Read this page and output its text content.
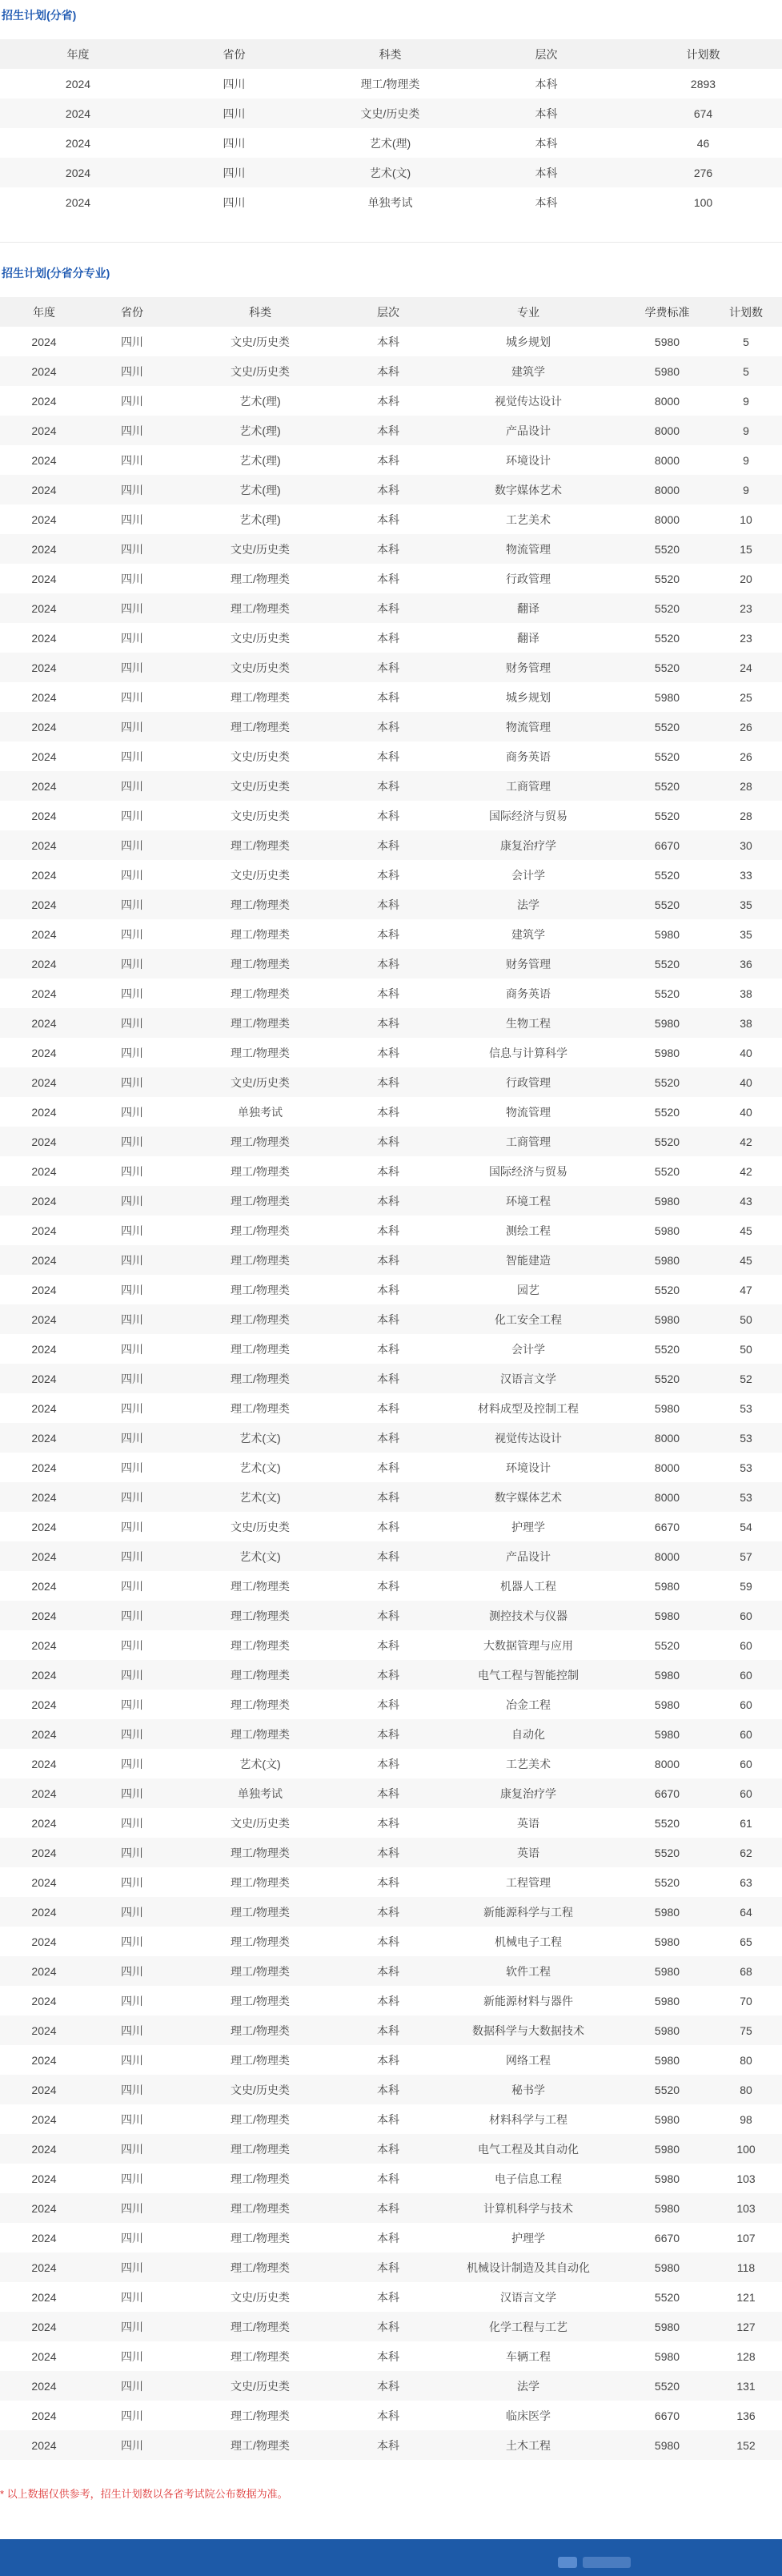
招生计划(分省)
年度	省份	科类	层次	计划数
2024	四川	理工/物理类	本科	2893
2024	四川	文史/历史类	本科	674
2024	四川	艺术(理)	本科	46
2024	四川	艺术(文)	本科	276
2024	四川	单独考试	本科	100
招生计划(分省分专业)
年度	省份	科类	层次	专业	学费标准	计划数
2024	四川	文史/历史类	本科	城乡规划	5980	5
2024	四川	文史/历史类	本科	建筑学	5980	5
2024	四川	艺术(理)	本科	视觉传达设计	8000	9
2024	四川	艺术(理)	本科	产品设计	8000	9
2024	四川	艺术(理)	本科	环境设计	8000	9
2024	四川	艺术(理)	本科	数字媒体艺术	8000	9
2024	四川	艺术(理)	本科	工艺美术	8000	10
2024	四川	文史/历史类	本科	物流管理	5520	15
2024	四川	理工/物理类	本科	行政管理	5520	20
2024	四川	理工/物理类	本科	翻译	5520	23
2024	四川	文史/历史类	本科	翻译	5520	23
2024	四川	文史/历史类	本科	财务管理	5520	24
2024	四川	理工/物理类	本科	城乡规划	5980	25
2024	四川	理工/物理类	本科	物流管理	5520	26
2024	四川	文史/历史类	本科	商务英语	5520	26
2024	四川	文史/历史类	本科	工商管理	5520	28
2024	四川	文史/历史类	本科	国际经济与贸易	5520	28
2024	四川	理工/物理类	本科	康复治疗学	6670	30
2024	四川	文史/历史类	本科	会计学	5520	33
2024	四川	理工/物理类	本科	法学	5520	35
2024	四川	理工/物理类	本科	建筑学	5980	35
2024	四川	理工/物理类	本科	财务管理	5520	36
2024	四川	理工/物理类	本科	商务英语	5520	38
2024	四川	理工/物理类	本科	生物工程	5980	38
2024	四川	理工/物理类	本科	信息与计算科学	5980	40
2024	四川	文史/历史类	本科	行政管理	5520	40
2024	四川	单独考试	本科	物流管理	5520	40
2024	四川	理工/物理类	本科	工商管理	5520	42
2024	四川	理工/物理类	本科	国际经济与贸易	5520	42
2024	四川	理工/物理类	本科	环境工程	5980	43
2024	四川	理工/物理类	本科	测绘工程	5980	45
2024	四川	理工/物理类	本科	智能建造	5980	45
2024	四川	理工/物理类	本科	园艺	5520	47
2024	四川	理工/物理类	本科	化工安全工程	5980	50
2024	四川	理工/物理类	本科	会计学	5520	50
2024	四川	理工/物理类	本科	汉语言文学	5520	52
2024	四川	理工/物理类	本科	材料成型及控制工程	5980	53
2024	四川	艺术(文)	本科	视觉传达设计	8000	53
2024	四川	艺术(文)	本科	环境设计	8000	53
2024	四川	艺术(文)	本科	数字媒体艺术	8000	53
2024	四川	文史/历史类	本科	护理学	6670	54
2024	四川	艺术(文)	本科	产品设计	8000	57
2024	四川	理工/物理类	本科	机器人工程	5980	59
2024	四川	理工/物理类	本科	测控技术与仪器	5980	60
2024	四川	理工/物理类	本科	大数据管理与应用	5520	60
2024	四川	理工/物理类	本科	电气工程与智能控制	5980	60
2024	四川	理工/物理类	本科	冶金工程	5980	60
2024	四川	理工/物理类	本科	自动化	5980	60
2024	四川	艺术(文)	本科	工艺美术	8000	60
2024	四川	单独考试	本科	康复治疗学	6670	60
2024	四川	文史/历史类	本科	英语	5520	61
2024	四川	理工/物理类	本科	英语	5520	62
2024	四川	理工/物理类	本科	工程管理	5520	63
2024	四川	理工/物理类	本科	新能源科学与工程	5980	64
2024	四川	理工/物理类	本科	机械电子工程	5980	65
2024	四川	理工/物理类	本科	软件工程	5980	68
2024	四川	理工/物理类	本科	新能源材料与器件	5980	70
2024	四川	理工/物理类	本科	数据科学与大数据技术	5980	75
2024	四川	理工/物理类	本科	网络工程	5980	80
2024	四川	文史/历史类	本科	秘书学	5520	80
2024	四川	理工/物理类	本科	材料科学与工程	5980	98
2024	四川	理工/物理类	本科	电气工程及其自动化	5980	100
2024	四川	理工/物理类	本科	电子信息工程	5980	103
2024	四川	理工/物理类	本科	计算机科学与技术	5980	103
2024	四川	理工/物理类	本科	护理学	6670	107
2024	四川	理工/物理类	本科	机械设计制造及其自动化	5980	118
2024	四川	文史/历史类	本科	汉语言文学	5520	121
2024	四川	理工/物理类	本科	化学工程与工艺	5980	127
2024	四川	理工/物理类	本科	车辆工程	5980	128
2024	四川	文史/历史类	本科	法学	5520	131
2024	四川	理工/物理类	本科	临床医学	6670	136
2024	四川	理工/物理类	本科	土木工程	5980	152
* 以上数据仅供参考，招生计划数以各省考试院公布数据为准。
